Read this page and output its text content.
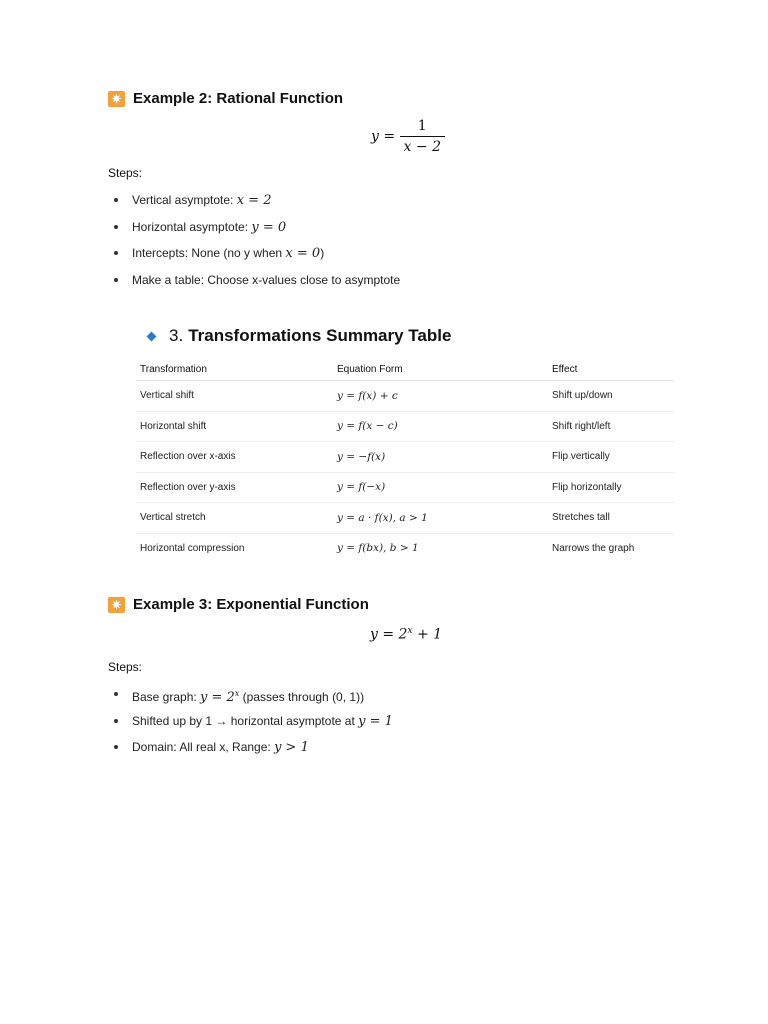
✷ Example 2: Rational Function
$y = \frac{1}{x - 2}$
Steps:
Vertical asymptote: x = 2
Horizontal asymptote: y = 0
Intercepts: None (no y when x = 0)
Make a table: Choose x-values close to asymptote
3. Transformations Summary Table
Transformation	Equation Form	Effect
Vertical shift	y = f(x) + c	Shift up/down
Horizontal shift	y = f(x − c)	Shift right/left
Reflection over x-axis	y = −f(x)	Flip vertically
Reflection over y-axis	y = f(−x)	Flip horizontally
Vertical stretch	y = a · f(x), a > 1	Stretches tall
Horizontal compression	y = f(bx), b > 1	Narrows the graph
✷ Example 3: Exponential Function
$y = 2^x + 1$
Steps:
Base graph: $y = 2^x$ (passes through (0, 1))
Shifted up by 1 → horizontal asymptote at y = 1
Domain: All real x, Range: y > 1
